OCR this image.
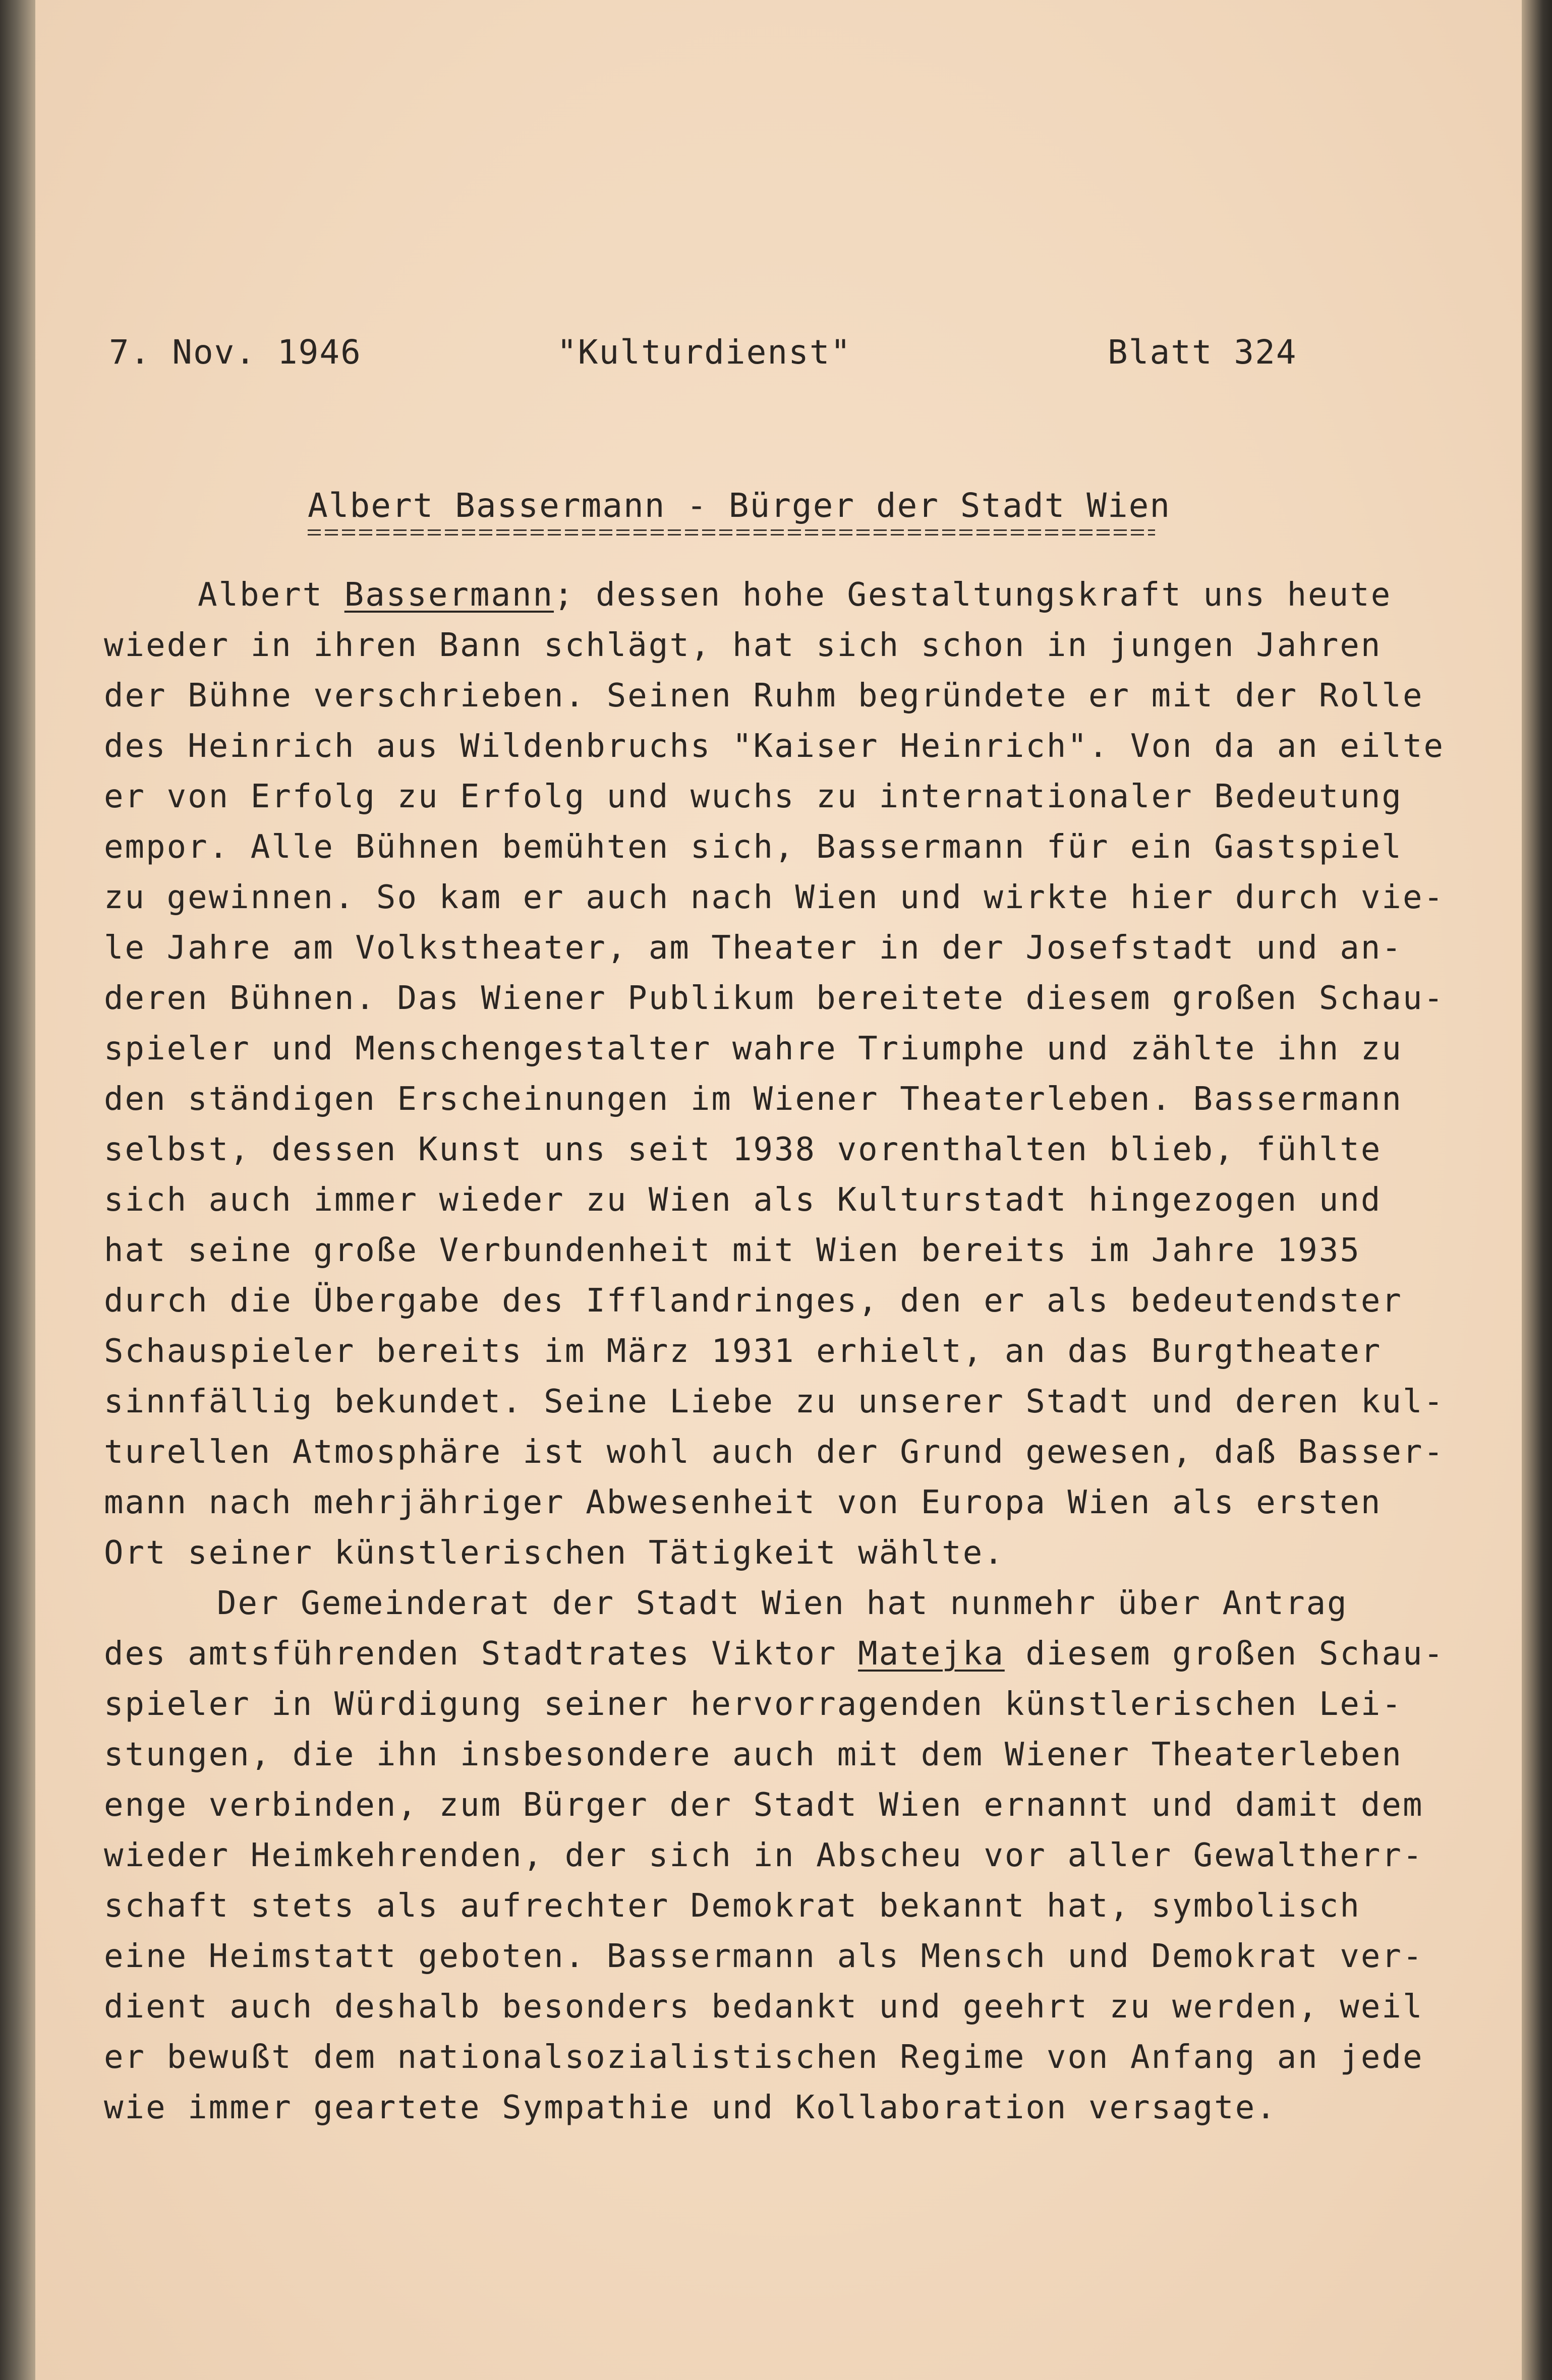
7. Nov. 1946	"Kulturdienst"	Blatt 324
Albert Bassermann - Bürger der Stadt Wien
Albert Bassermann; dessen hohe Gestaltungskraft uns heute
wieder in ihren Bann schlägt, hat sich schon in jungen Jahren
der Bühne verschrieben. Seinen Ruhm begründete er mit der Rolle
des Heinrich aus Wildenbruchs "Kaiser Heinrich". Von da an eilte
er von Erfolg zu Erfolg und wuchs zu internationaler Bedeutung
empor. Alle Bühnen bemühten sich, Bassermann für ein Gastspiel
zu gewinnen. So kam er auch nach Wien und wirkte hier durch vie-
le Jahre am Volkstheater, am Theater in der Josefstadt und an-
deren Bühnen. Das Wiener Publikum bereitete diesem großen Schau-
spieler und Menschengestalter wahre Triumphe und zählte ihn zu
den ständigen Erscheinungen im Wiener Theaterleben. Bassermann
selbst, dessen Kunst uns seit 1938 vorenthalten blieb, fühlte
sich auch immer wieder zu Wien als Kulturstadt hingezogen und
hat seine große Verbundenheit mit Wien bereits im Jahre 1935
durch die Übergabe des Ifflandringes, den er als bedeutendster
Schauspieler bereits im März 1931 erhielt, an das Burgtheater
sinnfällig bekundet. Seine Liebe zu unserer Stadt und deren kul-
turellen Atmosphäre ist wohl auch der Grund gewesen, daß Basser-
mann nach mehrjähriger Abwesenheit von Europa Wien als ersten
Ort seiner künstlerischen Tätigkeit wählte.
Der Gemeinderat der Stadt Wien hat nunmehr über Antrag
des amtsführenden Stadtrates Viktor Matejka diesem großen Schau-
spieler in Würdigung seiner hervorragenden künstlerischen Lei-
stungen, die ihn insbesondere auch mit dem Wiener Theaterleben
enge verbinden, zum Bürger der Stadt Wien ernannt und damit dem
wieder Heimkehrenden, der sich in Abscheu vor aller Gewaltherr-
schaft stets als aufrechter Demokrat bekannt hat, symbolisch
eine Heimstatt geboten. Bassermann als Mensch und Demokrat ver-
dient auch deshalb besonders bedankt und geehrt zu werden, weil
er bewußt dem nationalsozialistischen Regime von Anfang an jede
wie immer geartete Sympathie und Kollaboration versagte.
